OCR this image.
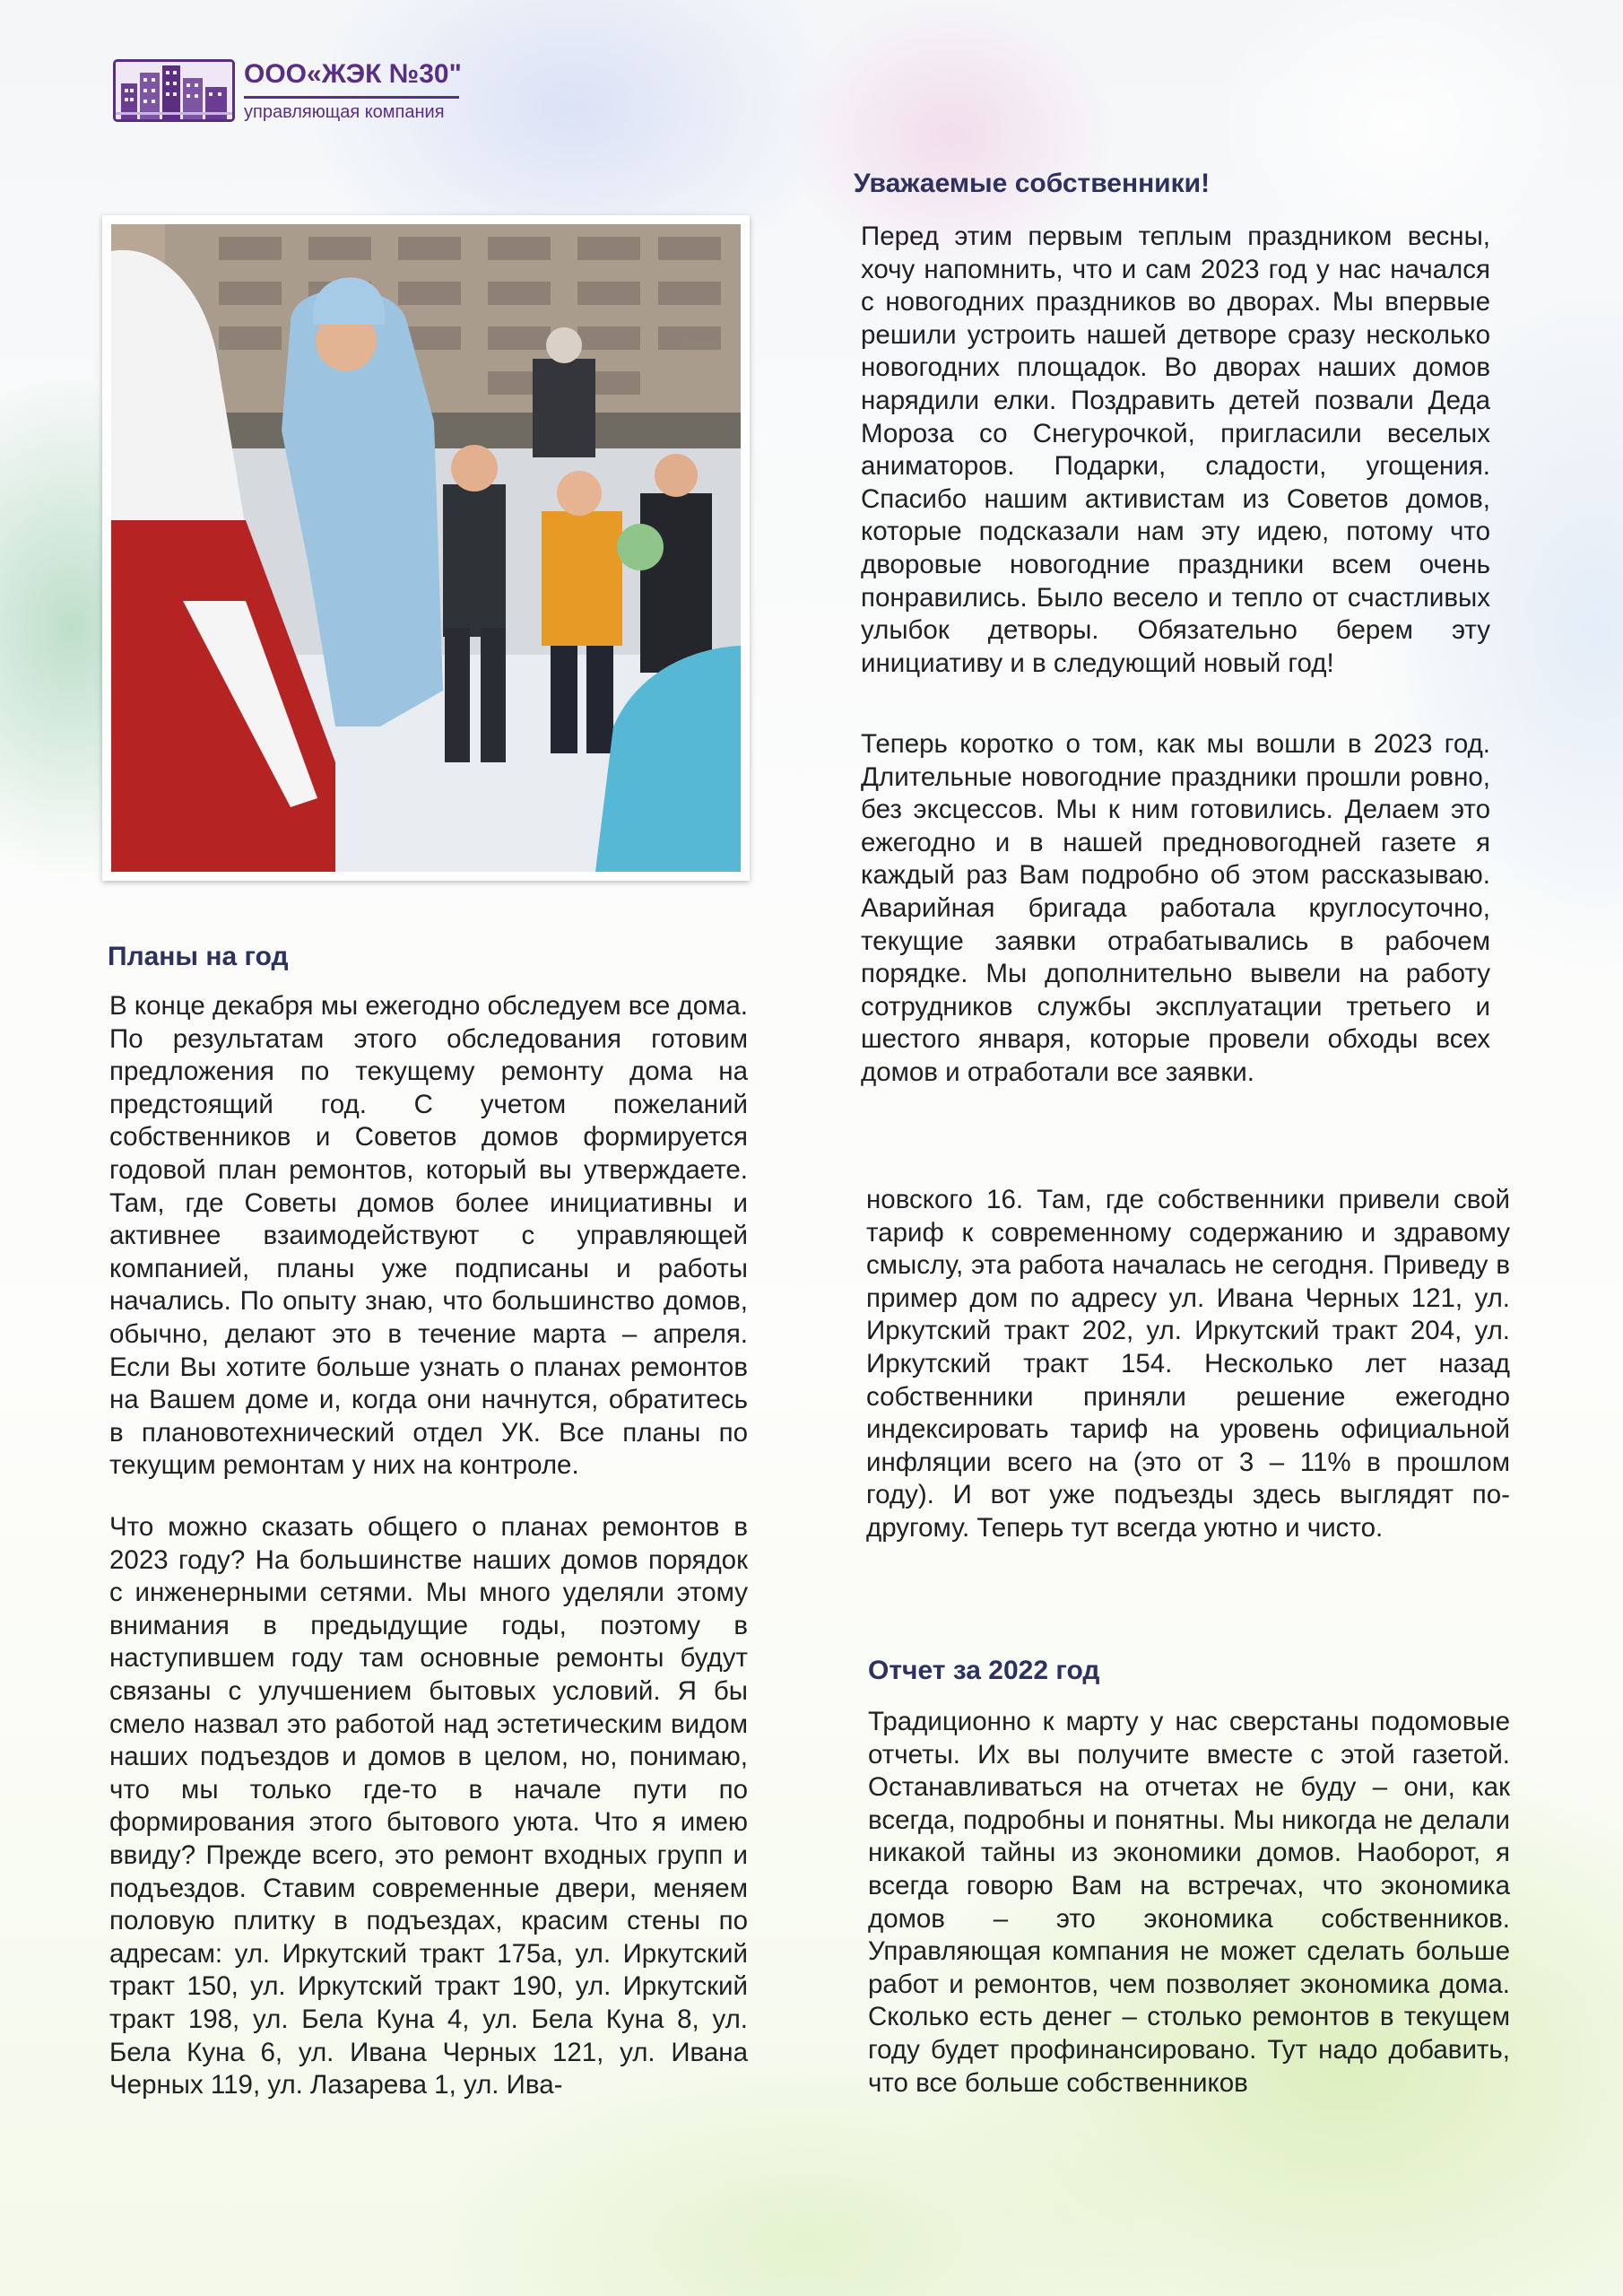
ООО«ЖЭК №30"
управляющая компания
Уважаемые собственники!

Перед этим первым теплым праздником весны, хочу напомнить, что и сам 2023 год у нас начался с новогодних праздников во дворах. Мы впервые решили устроить нашей детворе сразу несколько новогодних площадок. Во дворах наших домов нарядили елки. Поздравить детей позвали Деда Мороза со Снегурочкой, пригласили веселых аниматоров. Подарки, сладости, угощения. Спасибо нашим активистам из Советов домов, которые подсказали нам эту идею, потому что дворовые новогодние праздники всем очень понравились. Было весело и тепло от счастливых улыбок детворы. Обязательно берем эту инициативу и в следующий новый год!

Теперь коротко о том, как мы вошли в 2023 год. Длительные новогодние праздники прошли ровно, без эксцессов. Мы к ним готовились. Делаем это ежегодно и в нашей предновогодней газете я каждый раз Вам подробно об этом рассказываю. Аварийная бригада работала круглосуточно, текущие заявки отрабатывались в рабочем порядке. Мы дополнительно вывели на работу сотрудников службы эксплуатации третьего и шестого января, которые провели обходы всех домов и отработали все заявки.

Планы на год

В конце декабря мы ежегодно обследуем все дома. По результатам этого обследования готовим предложения по текущему ремонту дома на предстоящий год. С учетом пожеланий собственников и Советов домов формируется годовой план ремонтов, который вы утверждаете. Там, где Советы домов более инициативны и активнее взаимодействуют с управляющей компанией, планы уже подписаны и работы начались. По опыту знаю, что большинство домов, обычно, делают это в течение марта – апреля. Если Вы хотите больше узнать о планах ремонтов на Вашем доме и, когда они начнутся, обратитесь в плановотехнический отдел УК. Все планы по текущим ремонтам у них на контроле.

Что можно сказать общего о планах ремонтов в 2023 году? На большинстве наших домов порядок с инженерными сетями. Мы много уделяли этому внимания в предыдущие годы, поэтому в наступившем году там основные ремонты будут связаны с улучшением бытовых условий. Я бы смело назвал это работой над эстетическим видом наших подъездов и домов в целом, но, понимаю, что мы только где-то в начале пути по формирования этого бытового уюта. Что я имею ввиду? Прежде всего, это ремонт входных групп и подъездов. Ставим современные двери, меняем половую плитку в подъездах, красим стены по адресам: ул. Иркутский тракт 175а, ул. Иркутский тракт 150, ул. Иркутский тракт 190, ул. Иркутский тракт 198, ул. Бела Куна 4, ул. Бела Куна 8, ул. Бела Куна 6, ул. Ивана Черных 121, ул. Ивана Черных 119, ул. Лазарева 1, ул. Ива-

новского 16. Там, где собственники привели свой тариф к современному содержанию и здравому смыслу, эта работа началась не сегодня. Приведу в пример дом по адресу ул. Ивана Черных 121, ул. Иркутский тракт 202, ул. Иркутский тракт 204, ул. Иркутский тракт 154. Несколько лет назад собственники приняли решение ежегодно индексировать тариф на уровень официальной инфляции всего на (это от 3 – 11% в прошлом году). И вот уже подъезды здесь выглядят по-другому. Теперь тут всегда уютно и чисто.

Отчет за 2022 год

Традиционно к марту у нас сверстаны подомовые отчеты. Их вы получите вместе с этой газетой. Останавливаться на отчетах не буду – они, как всегда, подробны и понятны. Мы никогда не делали никакой тайны из экономики домов. Наоборот, я всегда говорю Вам на встречах, что экономика домов – это экономика собственников. Управляющая компания не может сделать больше работ и ремонтов, чем позволяет экономика дома. Сколько есть денег – столько ремонтов в текущем году будет профинансировано. Тут надо добавить, что все больше собственников
